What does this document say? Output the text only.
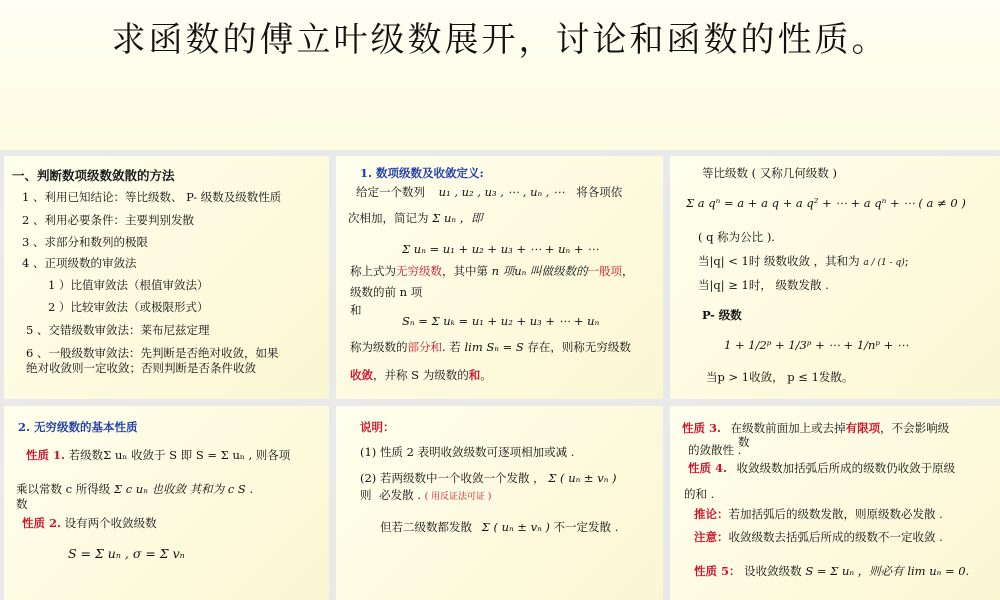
求函数的傅立叶级数展开，讨论和函数的性质。
一、判断数项级数敛散的方法
1 、利用已知结论：等比级数、 P- 级数及级数性质
2 、利用必要条件：主要判别发散
3 、求部分和数列的极限
4 、正项级数的审敛法
1 ）比值审敛法（根值审敛法）
2 ）比较审敛法（或极限形式）
5 、交错级数审敛法：莱布尼兹定理
6 、一般级数审敛法：先判断是否绝对收敛，如果
绝对收敛则一定收敛；否则判断是否条件收敛
1. 数项级数及收敛定义:
给定一个数列 u₁ , u₂ , u₃ , ⋯ , uₙ , ⋯ 将各项依
次相加，简记为 Σ uₙ ，即
Σ uₙ = u₁ + u₂ + u₃ + ⋯ + uₙ + ⋯
称上式为无穷级数，其中第 n 项uₙ 叫做级数的一般项，
级数的前 n 项
和
Sₙ = Σ uₖ = u₁ + u₂ + u₃ + ⋯ + uₙ
称为级数的部分和. 若 lim Sₙ = S 存在，则称无穷级数
收敛，并称 S 为级数的和。
等比级数 ( 又称几何级数 )
Σ a qⁿ = a + a q + a q² + ⋯ + a qⁿ + ⋯ ( a ≠ 0 )
( q 称为公比 ).
当|q| < 1时 级数收敛 ，其和为 a / (1 - q);
当|q| ≥ 1时， 级数发散 .
P- 级数
1 + 1/2ᵖ + 1/3ᵖ + ⋯ + 1/nᵖ + ⋯
当p > 1收敛， p ≤ 1发散。
2. 无穷级数的基本性质
性质 1. 若级数Σ uₙ 收敛于 S 即 S = Σ uₙ , 则各项
乘以常数 c 所得级 Σ c uₙ 也收敛 其和为 c S .
数
性质 2. 设有两个收敛级数
S = Σ uₙ , σ = Σ vₙ
说明：
(1) 性质 2 表明收敛级数可逐项相加或减 .
(2) 若两级数中一个收敛一个发散 ， Σ ( uₙ ± vₙ )
则 必发散 . ( 用反证法可证 )
但若二级数都发散 Σ ( uₙ ± vₙ ) 不一定发散 .
性质 3. 在级数前面加上或去掉有限项，不会影响级
的敛散性 .
数
性质 4. 收敛级数加括弧后所成的级数仍收敛于原级
的和 .
推论：若加括弧后的级数发散，则原级数必发散 .
注意：收敛级数去括弧后所成的级数不一定收敛 .
性质 5： 设收敛级数 S = Σ uₙ ，则必有 lim uₙ = 0.
